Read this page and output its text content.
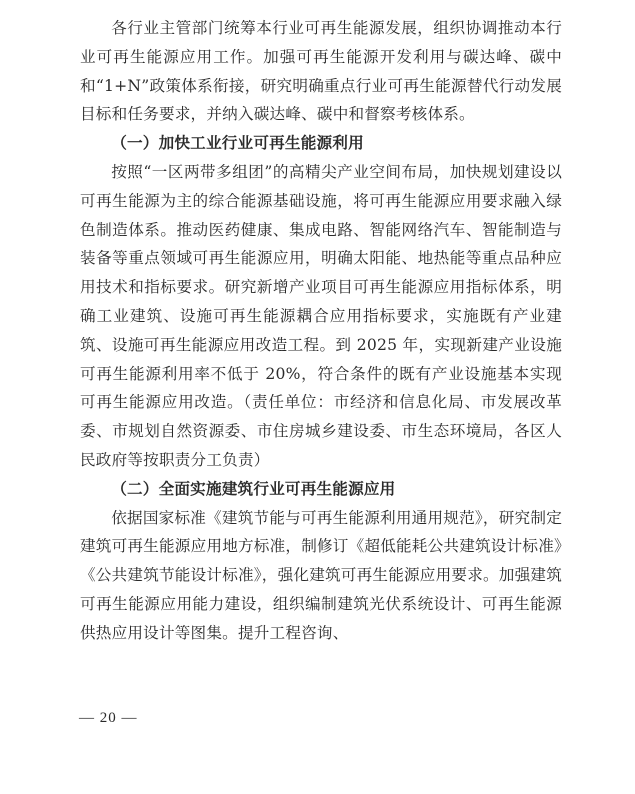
各行业主管部门统筹本行业可再生能源发展，组织协调推动本行业可再生能源应用工作。加强可再生能源开发利用与碳达峰、碳中和“1+N”政策体系衔接，研究明确重点行业可再生能源替代行动发展目标和任务要求，并纳入碳达峰、碳中和督察考核体系。

（一）加快工业行业可再生能源利用

按照“一区两带多组团”的高精尖产业空间布局，加快规划建设以可再生能源为主的综合能源基础设施，将可再生能源应用要求融入绿色制造体系。推动医药健康、集成电路、智能网络汽车、智能制造与装备等重点领域可再生能源应用，明确太阳能、地热能等重点品种应用技术和指标要求。研究新增产业项目可再生能源应用指标体系，明确工业建筑、设施可再生能源耦合应用指标要求，实施既有产业建筑、设施可再生能源应用改造工程。到 2025 年，实现新建产业设施可再生能源利用率不低于 20%，符合条件的既有产业设施基本实现可再生能源应用改造。（责任单位：市经济和信息化局、市发展改革委、市规划自然资源委、市住房城乡建设委、市生态环境局，各区人民政府等按职责分工负责）

（二）全面实施建筑行业可再生能源应用

依据国家标准《建筑节能与可再生能源利用通用规范》，研究制定建筑可再生能源应用地方标准，制修订《超低能耗公共建筑设计标准》《公共建筑节能设计标准》，强化建筑可再生能源应用要求。加强建筑可再生能源应用能力建设，组织编制建筑光伏系统设计、可再生能源供热应用设计等图集。提升工程咨询、

— 20 —
